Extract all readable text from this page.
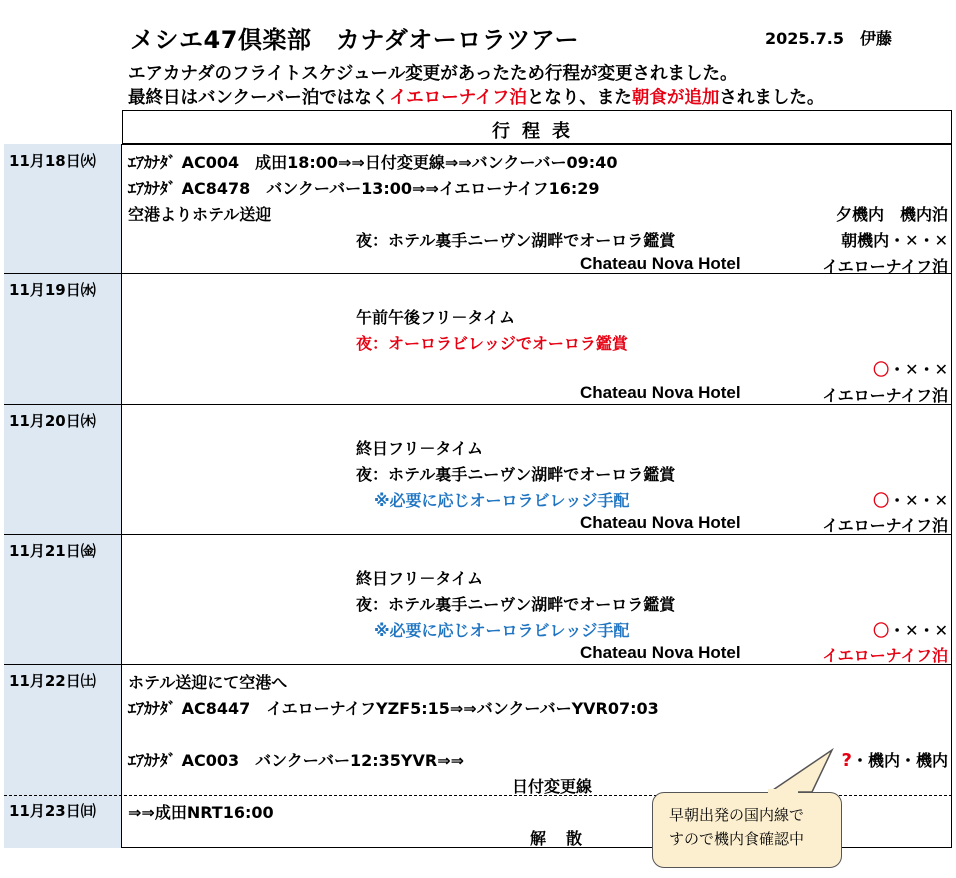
メシエ47倶楽部　カナダオーロラツアー	2025.7.5　伊藤
エアカナダのフライトスケジュール変更があったため行程が変更されました。
最終日はバンクーバー泊ではなくイエローナイフ泊となり、また朝食が追加されました。
行程表
11月18日㈫ ｴｱｶﾅﾀﾞ AC004　成田18:00⇒⇒日付変更線⇒⇒バンクーバー09:40
ｴｱｶﾅﾀﾞ AC8478　バンクーバー13:00⇒⇒イエローナイフ16:29
空港よりホテル送迎
夜：ホテル裏手ニーヴン湖畔でオーロラ鑑賞
夕機内　機内泊
朝機内・✕・✕
Chateau Nova Hotel	イエローナイフ泊
11月19日㈬
午前午後フリ－タイム
夜：オーロラビレッジでオーロラ鑑賞
〇・✕・✕
Chateau Nova Hotel	イエローナイフ泊
11月20日㈭
終日フリ－タイム
夜：ホテル裏手ニーヴン湖畔でオーロラ鑑賞
※必要に応じオーロラビレッジ手配	〇・✕・✕
Chateau Nova Hotel	イエローナイフ泊
11月21日㈮
終日フリ－タイム
夜：ホテル裏手ニーヴン湖畔でオーロラ鑑賞
※必要に応じオーロラビレッジ手配	〇・✕・✕
Chateau Nova Hotel	イエローナイフ泊
11月22日㈯ ホテル送迎にて空港へ
ｴｱｶﾅﾀﾞ AC8447　イエローナイフYZF5:15⇒⇒バンクーバーYVR07:03
ｴｱｶﾅﾀﾞ AC003　バンクーバー12:35YVR⇒⇒
日付変更線
?・機内・機内
11月23日㈰ ⇒⇒成田NRT16:00
解　散
早朝出発の国内線で
すので機内食確認中
